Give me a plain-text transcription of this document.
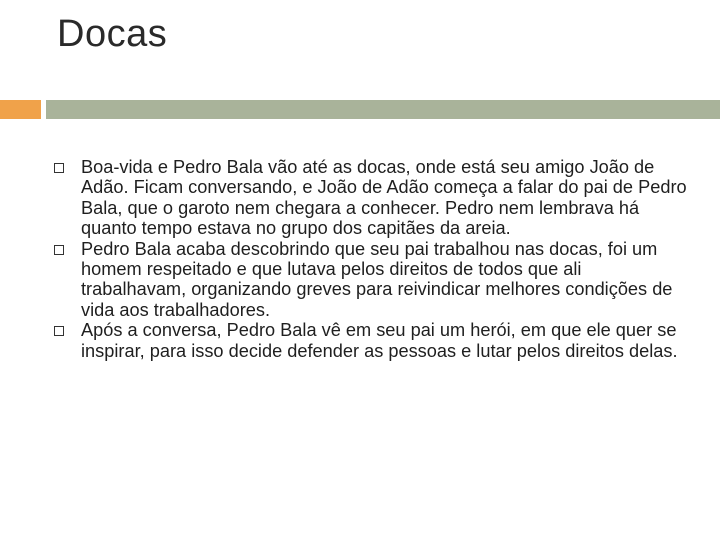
Docas
Boa-vida e Pedro Bala vão até as docas, onde está seu amigo João de Adão. Ficam conversando, e João de Adão começa a falar do pai de Pedro Bala, que o garoto nem chegara a conhecer. Pedro nem lembrava há quanto tempo estava no grupo dos capitães da areia.
Pedro Bala acaba descobrindo que seu pai trabalhou nas docas, foi um homem respeitado e que lutava pelos direitos de todos que ali trabalhavam, organizando greves para reivindicar melhores condições de vida aos trabalhadores.
Após a conversa, Pedro Bala vê em seu pai um herói, em que ele quer se inspirar, para isso decide defender as pessoas e lutar pelos direitos delas.
